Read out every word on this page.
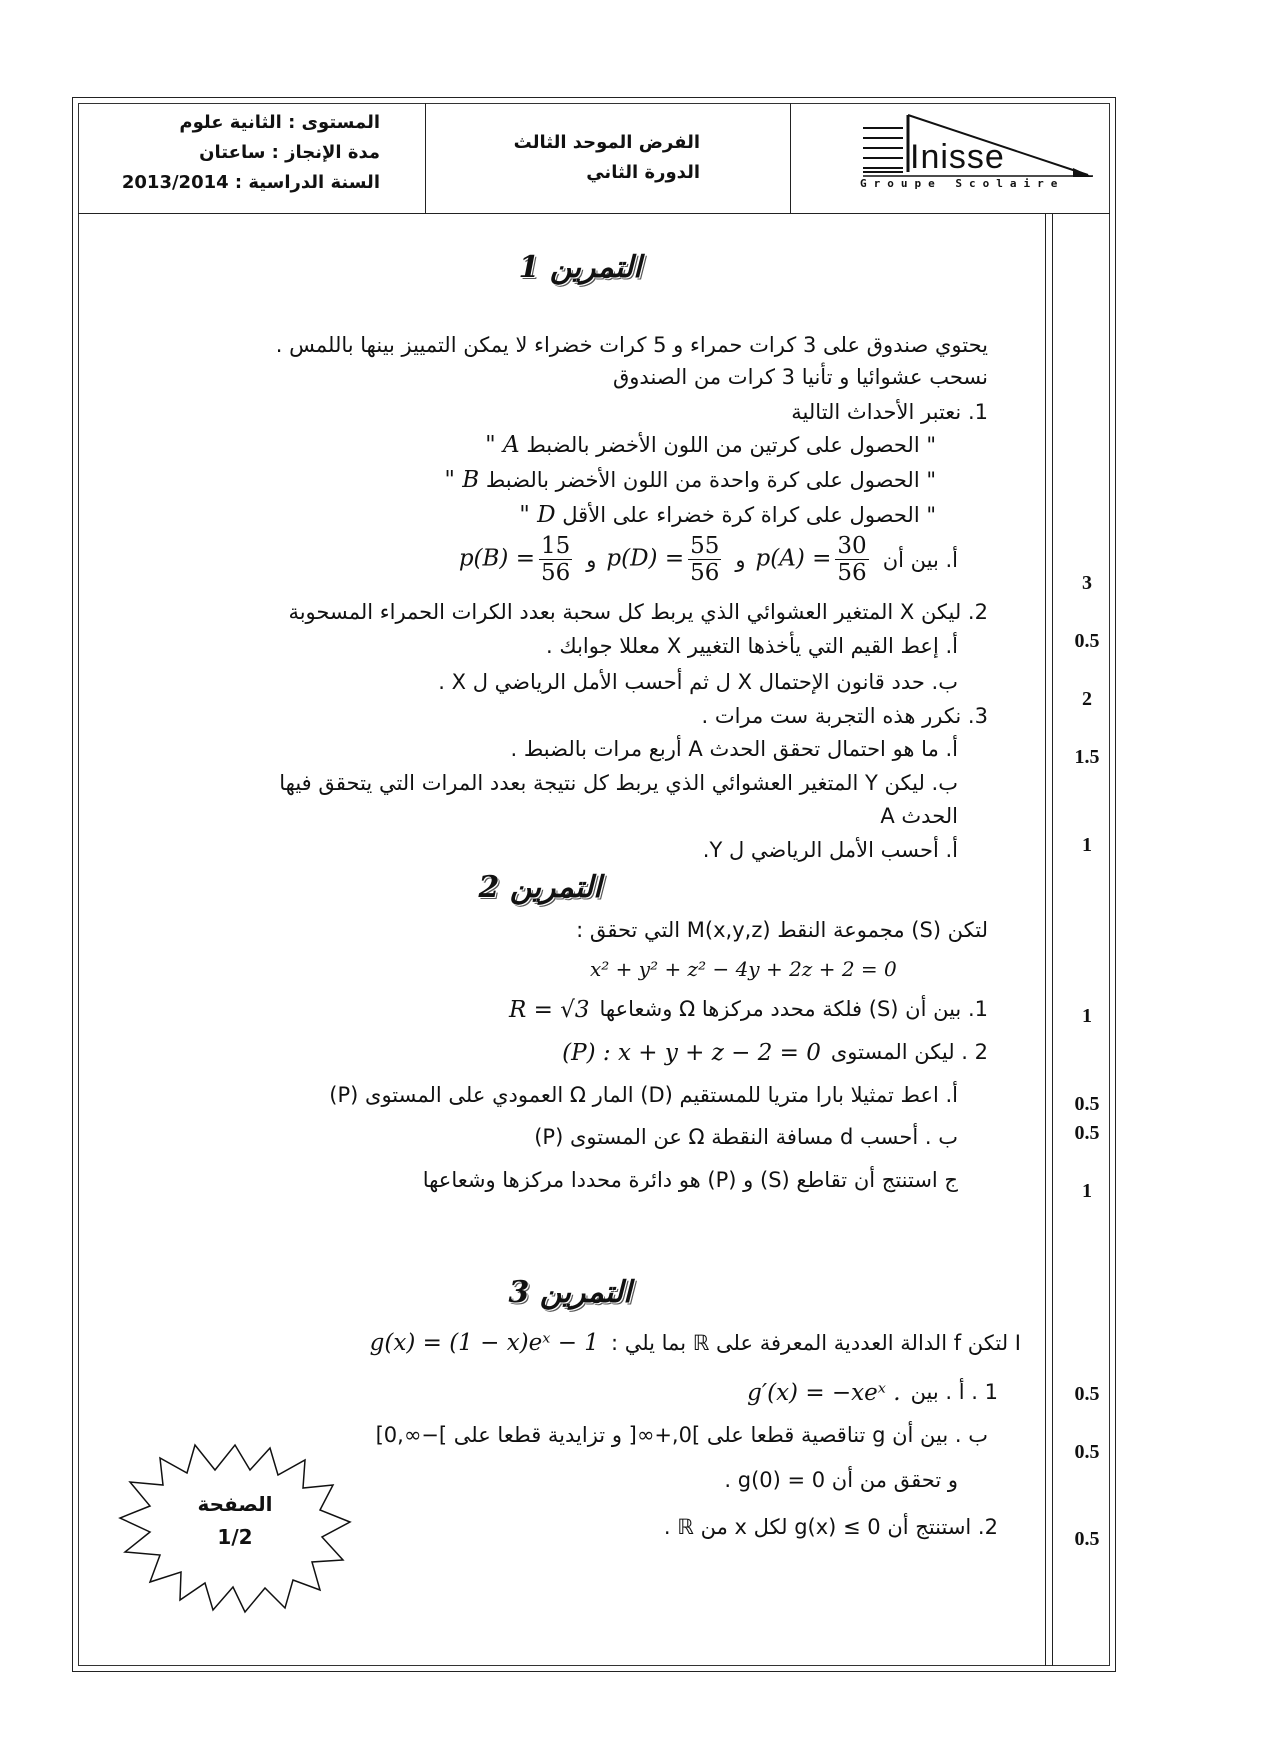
المستوى : الثانية علوم
مدة الإنجاز : ساعتان
السنة الدراسية : 2013/2014
الفرض الموحد الثالث
الدورة الثاني	Inisse
Groupe Scolaire
التمرين 1
يحتوي صندوق على 3 كرات حمراء و 5 كرات خضراء لا يمكن التمييز بينها باللمس .
نسحب عشوائيا و تأنيا 3 كرات من الصندوق
1. نعتبر الأحداث التالية
" الحصول على كرتين من اللون الأخضر بالضبط A "
" الحصول على كرة واحدة من اللون الأخضر بالضبط B "
" الحصول على كراة كرة خضراء على الأقل D "
أ. بين أن
$p(A) = \frac{30}{56}$
و
$p(D) = \frac{55}{56}$
و
$p(B) = \frac{15}{56}$
2. ليكن X المتغير العشوائي الذي يربط كل سحبة بعدد الكرات الحمراء المسحوبة
أ. إعط القيم التي يأخذها التغيير X معللا جوابك .
ب. حدد قانون الإحتمال X ل ثم أحسب الأمل الرياضي ل X .
3. نكرر هذه التجربة ست مرات .
أ. ما هو احتمال تحقق الحدث A أربع مرات بالضبط .
ب. ليكن Y المتغير العشوائي الذي يربط كل نتيجة بعدد المرات التي يتحقق فيها
الحدث A
أ. أحسب الأمل الرياضي ل Y.
التمرين 2
لتكن (S) مجموعة النقط M(x,y,z) التي تحقق :
x² + y² + z² − 4y + 2z + 2 = 0
1. بين أن (S) فلكة محدد مركزها Ω وشعاعها
R = √3
2 . ليكن المستوى
(P) : x + y + z − 2 = 0
أ. اعط تمثيلا بارا متريا للمستقيم (D) المار Ω العمودي على المستوى (P)
ب . أحسب d مسافة النقطة Ω عن المستوى (P)
ج استنتج أن تقاطع (S) و (P) هو دائرة محددا مركزها وشعاعها
التمرين 3
I لتكن f الدالة العددية المعرفة على ℝ بما يلي :
g(x) = (1 − x)eˣ − 1
1 . أ . بين
g′(x) = −xeˣ .
ب . بين أن g تناقصية قطعا على ]0,+∞[ و تزايدية قطعا على ]−∞,0]
و تحقق من أن g(0) = 0 .
2. استنتج أن g(x) ≤ 0 لكل x من ℝ .
3
0.5
2
1.5
1
1
0.5
0.5
1
0.5
0.5
0.5
الصفحة
1/2
